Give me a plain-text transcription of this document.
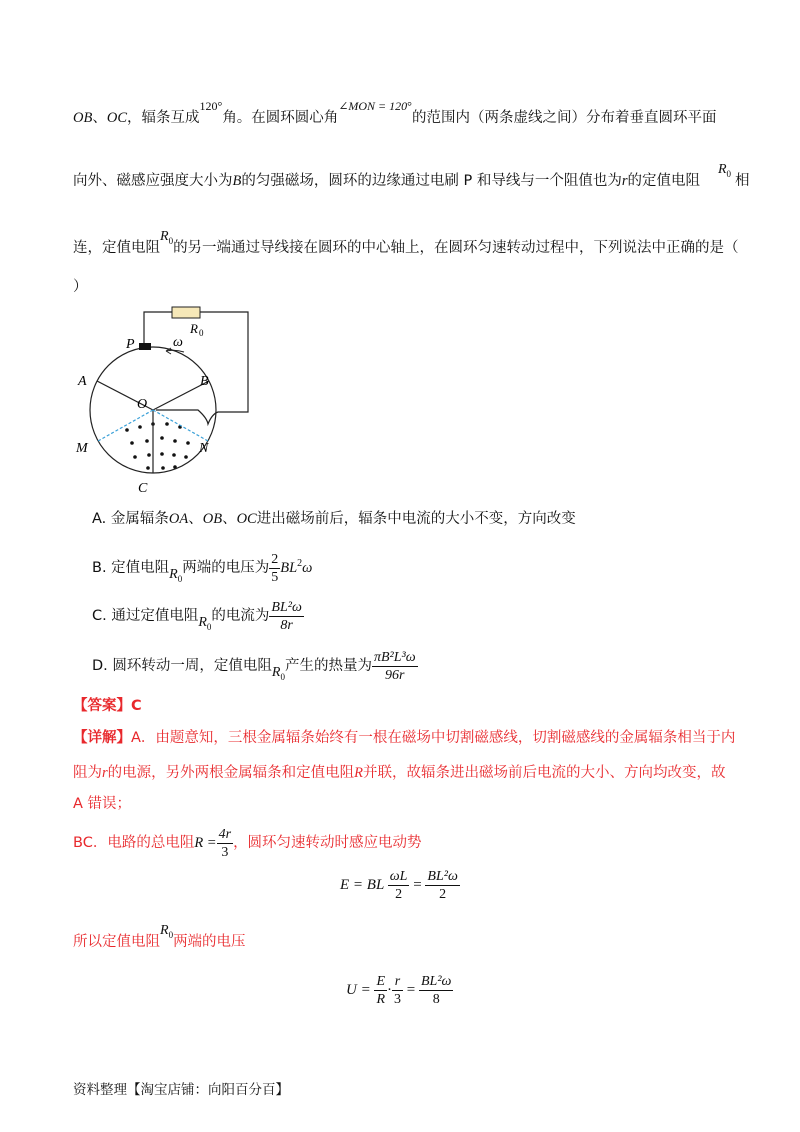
OB、OC，辐条互成$^{120^\circ}$角。在圆环圆心角$^{\angle MON = 120^\circ}$的范围内（两条虚线之间）分布着垂直圆环平面
向外、磁感应强度大小为B的匀强磁场，圆环的边缘通过电刷 P 和导线与一个阻值也为r的定值电阻$R_0$ 相
连，定值电阻$R_0$的另一端通过导线接在圆环的中心轴上，在圆环匀速转动过程中，下列说法中正确的是（
）
P	ω
R 0
A	B
O
M	N
C
A. 金属辐条OA、OB、OC进出磁场前后，辐条中电流的大小不变，方向改变
B. 定值电阻$R_0$两端的电压为 $\frac{2}{5} BL^2\omega$
C. 通过定值电阻$R_0$的电流为 $\frac{\text{BL²ω}}{8r}$
D. 圆环转动一周，定值电阻$R_0$产生的热量为 $\frac{\text{πB²L³ω}}{96r}$
【答案】C
【详解】A．由题意知，三根金属辐条始终有一根在磁场中切割磁感线，切割磁感线的金属辐条相当于内
阻为r的电源，另外两根金属辐条和定值电阻R并联，故辐条进出磁场前后电流的大小、方向均改变，故
A 错误；
BC．电路的总电阻$R = \frac{4r}{3}$ ，圆环匀速转动时感应电动势
E = BL $\frac{\omega L}{2} = \frac{\text{BL²ω}}{2}$
所以定值电阻$R_0$两端的电压
$U = \frac{E}{R} \cdot \frac{r}{3} = \frac{\text{BL²ω}}{8}$
资料整理【淘宝店铺：向阳百分百】
